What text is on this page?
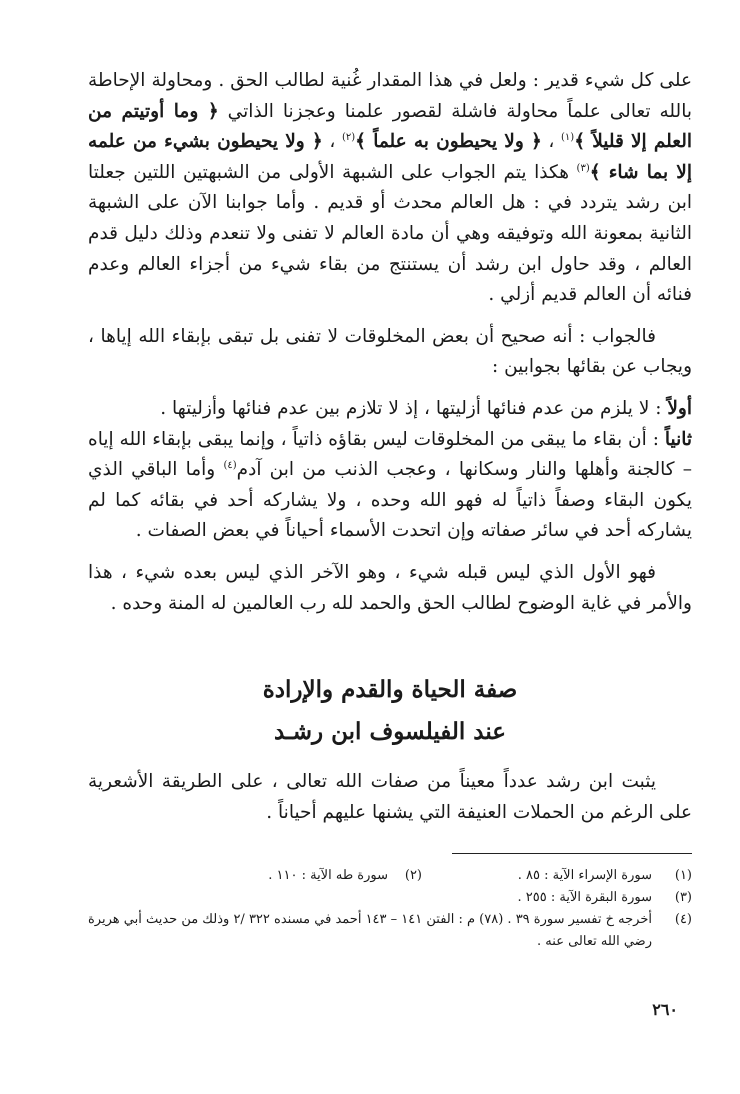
على كل شيء قدير : ولعل في هذا المقدار غُنية لطالب الحق . ومحاولة الإحاطة بالله تعالى علماً محاولة فاشلة لقصور علمنا وعجزنا الذاتي ﴿ وما أوتيتم من العلم إلا قليلاً ﴾$^{(١)}$ ، ﴿ ولا يحيطون به علماً ﴾$^{(٢)}$ ، ﴿ ولا يحيطون بشيء من علمه إلا بما شاء ﴾$^{(٣)}$ هكذا يتم الجواب على الشبهة الأولى من الشبهتين اللتين جعلتا ابن رشد يتردد في : هل العالم محدث أو قديم . وأما جوابنا الآن على الشبهة الثانية بمعونة الله وتوفيقه وهي أن مادة العالم لا تفنى ولا تنعدم وذلك دليل قدم العالم ، وقد حاول ابن رشد أن يستنتج من بقاء شيء من أجزاء العالم وعدم فنائه أن العالم قديم أزلي .

فالجواب : أنه صحيح أن بعض المخلوقات لا تفنى بل تبقى بإبقاء الله إياها ، ويجاب عن بقائها بجوابين :

أولاً : لا يلزم من عدم فنائها أزليتها ، إذ لا تلازم بين عدم فنائها وأزليتها .

ثانياً : أن بقاء ما يبقى من المخلوقات ليس بقاؤه ذاتياً ، وإنما يبقى بإبقاء الله إياه – كالجنة وأهلها والنار وسكانها ، وعجب الذنب من ابن آدم$^{(٤)}$ وأما الباقي الذي يكون البقاء وصفاً ذاتياً له فهو الله وحده ، ولا يشاركه أحد في بقائه كما لم يشاركه أحد في سائر صفاته وإن اتحدت الأسماء أحياناً في بعض الصفات .

فهو الأول الذي ليس قبله شيء ، وهو الآخر الذي ليس بعده شيء ، هذا والأمر في غاية الوضوح لطالب الحق والحمد لله رب العالمين له المنة وحده .

صفة الحياة والقدم والإرادة
عند الفيلسوف ابن رشـد

يثبت ابن رشد عدداً معيناً من صفات الله تعالى ، على الطريقة الأشعرية على الرغم من الحملات العنيفة التي يشنها عليهم أحياناً .

(١)
سورة الإسراء الآية : ٨٥ .
(٢)
سورة طه الآية : ١١٠ .
(٣)
سورة البقرة الآية : ٢٥٥ .
(٤)
أخرجه خ تفسير سورة ٣٩ . (٧٨) م : الفتن ١٤١ – ١٤٣ أحمد في مسنده ٣٢٢ /٢ وذلك من حديث أبي هريرة رضي الله تعالى عنه .
٢٦٠
